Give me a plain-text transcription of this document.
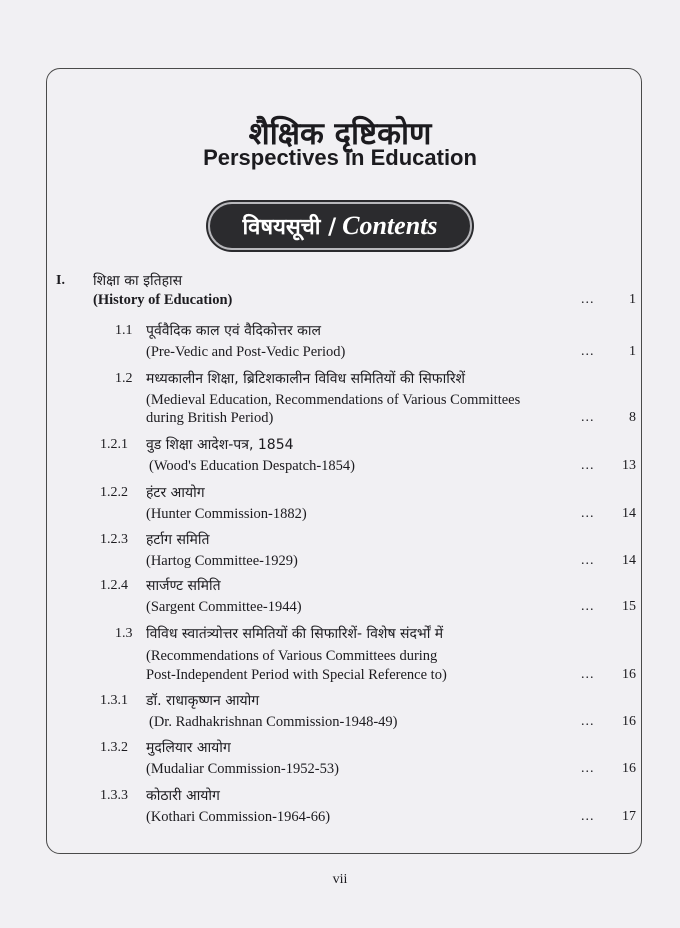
शैक्षिक दृष्टिकोण
Perspectives in Education
विषयसूची / Contents
I. शिक्षा का इतिहास
(History of Education)	... 1
1.1 पूर्ववैदिक काल एवं वैदिकोत्तर काल
(Pre-Vedic and Post-Vedic Period)	... 1
1.2 मध्यकालीन शिक्षा, ब्रिटिशकालीन विविध समितियों की सिफारिशें
(Medieval Education, Recommendations of Various Committees
during British Period)	... 8
1.2.1 वुड शिक्षा आदेश-पत्र, 1854
(Wood's Education Despatch-1854)	... 13
1.2.2 हंटर आयोग
(Hunter Commission-1882)	... 14
1.2.3 हर्टाग समिति
(Hartog Committee-1929)	... 14
1.2.4 सार्जण्ट समिति
(Sargent Committee-1944)	... 15
1.3 विविध स्वातंत्र्योत्तर समितियों की सिफारिशें- विशेष संदर्भों में
(Recommendations of Various Committees during
Post-Independent Period with Special Reference to)	... 16
1.3.1 डॉ. राधाकृष्णन आयोग
(Dr. Radhakrishnan Commission-1948-49)	... 16
1.3.2 मुदलियार आयोग
(Mudaliar Commission-1952-53)	... 16
1.3.3 कोठारी आयोग
(Kothari Commission-1964-66)	... 17
vii
